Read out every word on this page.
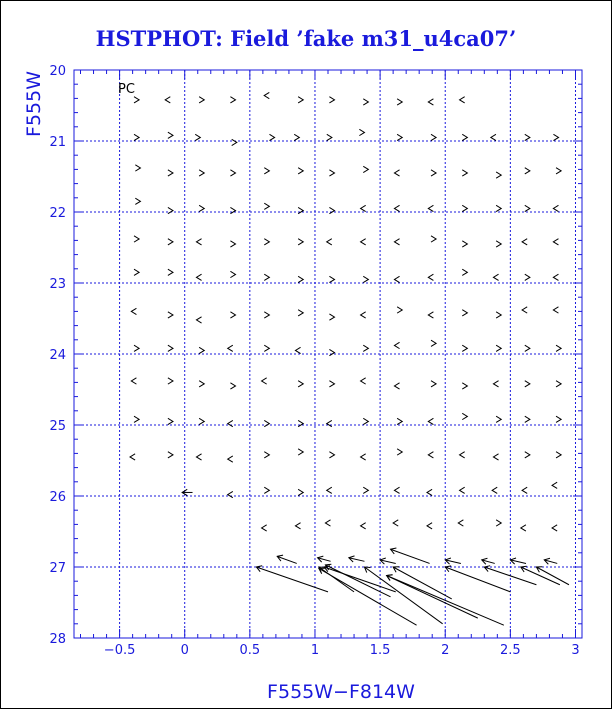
HSTPHOT: Field ’fake m31_u4ca07’
−0.5	0	0.5	1	1.5	2	2.5	3
20
21
22
23
24
25
26
27
28
PC
F555W−F814W
F555W
